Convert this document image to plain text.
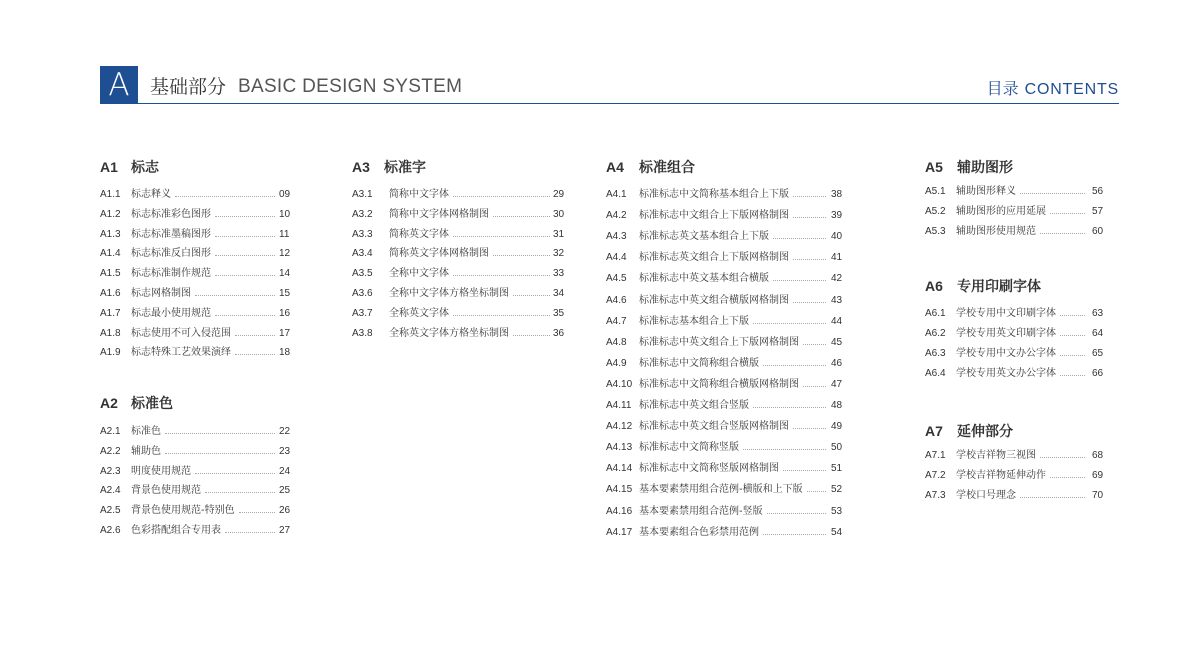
A	基础部分 BASIC DESIGN SYSTEM	目录 CONTENTS
A1 标志
A1.1 标志释义	09
A1.2 标志标准彩色图形	10
A1.3 标志标准墨稿图形	11
A1.4 标志标准反白图形	12
A1.5 标志标准制作规范	14
A1.6 标志网格制图	15
A1.7 标志最小使用规范	16
A1.8 标志使用不可入侵范围	17
A1.9 标志特殊工艺效果演绎	18
A2 标准色
A2.1 标准色	22
A2.2 辅助色	23
A2.3 明度使用规范	24
A2.4 背景色使用规范	25
A2.5 背景色使用规范-特别色	26
A2.6 色彩搭配组合专用表	27
A3 标准字
A3.1 简称中文字体	29
A3.2 简称中文字体网格制图	30
A3.3 简称英文字体	31
A3.4 简称英文字体网格制图	32
A3.5 全称中文字体	33
A3.6 全称中文字体方格坐标制图	34
A3.7 全称英文字体	35
A3.8 全称英文字体方格坐标制图	36
A4 标准组合
A4.1 标准标志中文简称基本组合上下版	38
A4.2 标准标志中文组合上下版网格制图	39
A4.3 标准标志英文基本组合上下版	40
A4.4 标准标志英文组合上下版网格制图	41
A4.5 标准标志中英文基本组合横版	42
A4.6 标准标志中英文组合横版网格制图	43
A4.7 标准标志基本组合上下版	44
A4.8 标准标志中英文组合上下版网格制图	45
A4.9 标准标志中文简称组合横版	46
A4.10 标准标志中文简称组合横版网格制图	47
A4.11 标准标志中英文组合竖版	48
A4.12 标准标志中英文组合竖版网格制图	49
A4.13 标准标志中文简称竖版	50
A4.14 标准标志中文简称竖版网格制图	51
A4.15 基本要素禁用组合范例-横版和上下版	52
A4.16 基本要素禁用组合范例-竖版	53
A4.17 基本要素组合色彩禁用范例	54
A5 辅助图形
A5.1 辅助图形释义	56
A5.2 辅助图形的应用延展	57
A5.3 辅助图形使用规范	60
A6 专用印刷字体
A6.1 学校专用中文印刷字体	63
A6.2 学校专用英文印刷字体	64
A6.3 学校专用中文办公字体	65
A6.4 学校专用英文办公字体	66
A7 延伸部分
A7.1 学校吉祥物三视图	68
A7.2 学校吉祥物延伸动作	69
A7.3 学校口号理念	70
